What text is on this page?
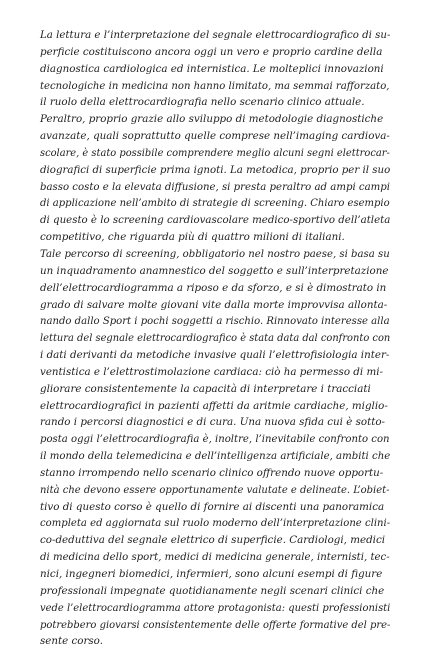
La lettura e l’interpretazione del segnale elettrocardiografico di su-
perficie costituiscono ancora oggi un vero e proprio cardine della
diagnostica cardiologica ed internistica. Le molteplici innovazioni
tecnologiche in medicina non hanno limitato, ma semmai rafforzato,
il ruolo della elettrocardiografia nello scenario clinico attuale.

Peraltro, proprio grazie allo sviluppo di metodologie diagnostiche
avanzate, quali soprattutto quelle comprese nell’imaging cardiova-
scolare, è stato possibile comprendere meglio alcuni segni elettrocar-
diografici di superficie prima ignoti. La metodica, proprio per il suo
basso costo e la elevata diffusione, si presta peraltro ad ampi campi
di applicazione nell’ambito di strategie di screening. Chiaro esempio
di questo è lo screening cardiovascolare medico-sportivo dell’atleta
competitivo, che riguarda più di quattro milioni di italiani.

Tale percorso di screening, obbligatorio nel nostro paese, si basa su
un inquadramento anamnestico del soggetto e sull’interpretazione
dell’elettrocardiogramma a riposo e da sforzo, e si è dimostrato in
grado di salvare molte giovani vite dalla morte improvvisa allonta-
nando dallo Sport i pochi soggetti a rischio. Rinnovato interesse alla
lettura del segnale elettrocardiografico è stata data dal confronto con
i dati derivanti da metodiche invasive quali l’elettrofisiologia inter-
ventistica e l’elettrostimolazione cardiaca: ciò ha permesso di mi-
gliorare consistentemente la capacità di interpretare i tracciati
elettrocardiografici in pazienti affetti da aritmie cardiache, miglio-
rando i percorsi diagnostici e di cura. Una nuova sfida cui è sotto-
posta oggi l’elettrocardiografia è, inoltre, l’inevitabile confronto con
il mondo della telemedicina e dell’intelligenza artificiale, ambiti che
stanno irrompendo nello scenario clinico offrendo nuove opportu-
nità che devono essere opportunamente valutate e delineate. L’obiet-
tivo di questo corso è quello di fornire ai discenti una panoramica
completa ed aggiornata sul ruolo moderno dell’interpretazione clini-
co-deduttiva del segnale elettrico di superficie. Cardiologi, medici
di medicina dello sport, medici di medicina generale, internisti, tec-
nici, ingegneri biomedici, infermieri, sono alcuni esempi di figure
professionali impegnate quotidianamente negli scenari clinici che
vede l’elettrocardiogramma attore protagonista: questi professionisti
potrebbero giovarsi consistentemente delle offerte formative del pre-
sente corso.
